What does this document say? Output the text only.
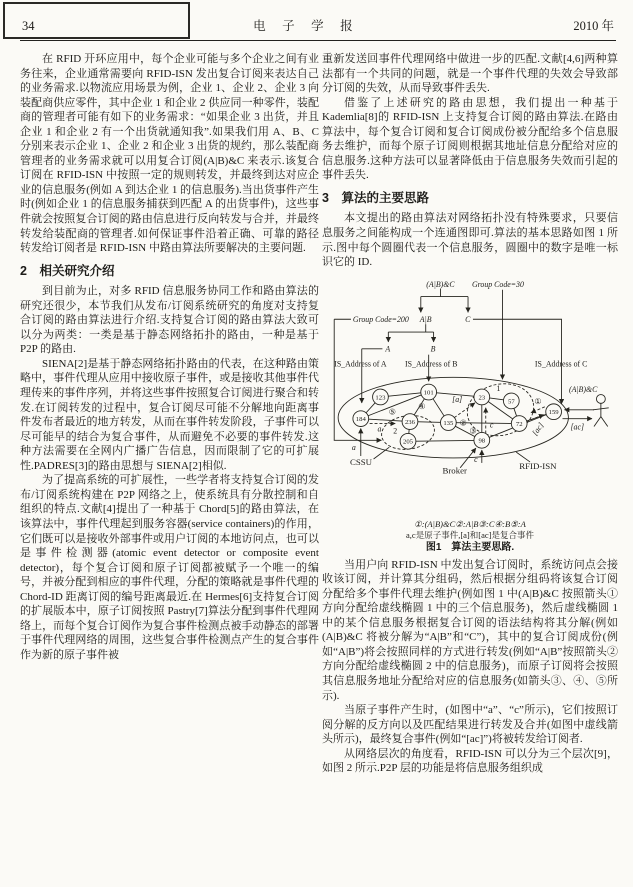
34	电　子　学　报	2010 年

在 RFID 开环应用中，每个企业可能与多个企业之间有业务往来，企业通常需要向 RFID-ISN 发出复合订阅来表达自己的业务需求.以物流应用场景为例，企业 1、企业 2、企业 3 向装配商供应零件，其中企业 1 和企业 2 供应同一种零件，装配商的管理者可能有如下的业务需求：“如果企业 3 出货，并且企业 1 和企业 2 有一个出货就通知我”.如果我们用 A、B、C 分别来表示企业 1、企业 2 和企业 3 出货的规约，那么装配商管理者的业务需求就可以用复合订阅(A|B)&C 来表示.该复合订阅在 RFID-ISN 中按照一定的规则转发，并最终到达对应企业的信息服务(例如 A 到达企业 1 的信息服务).当出货事件产生时(例如企业 1 的信息服务捕获到匹配 A 的出货事件)，这些事件就会按照复合订阅的路由信息进行反向转发与合并，并最终转发给装配商的管理者.如何保证事件沿着正确、可靠的路径转发给订阅者是 RFID-ISN 中路由算法所要解决的主要问题.

2　相关研究介绍

到目前为止，对多 RFID 信息服务协同工作和路由算法的研究还很少，本节我们从发布/订阅系统研究的角度对支持复合订阅的路由算法进行介绍.支持复合订阅的路由算法大致可以分为两类：一类是基于静态网络拓扑的路由，一种是基于 P2P 的路由.

SIENA[2]是基于静态网络拓扑路由的代表，在这种路由策略中，事件代理从应用中接收原子事件，或是接收其他事件代理传来的事件序列，并将这些事件按照复合订阅进行聚合和转发.在订阅转发的过程中，复合订阅尽可能不分解地向距离事件发布者最近的地方转发，从而在事件转发阶段，子事件可以尽可能早的结合为复合事件，从而避免不必要的事件转发.这种方法需要在全网内广播广告信息，因而限制了它的可扩展性.PADRES[3]的路由思想与 SIENA[2]相似.

为了提高系统的可扩展性，一些学者将支持复合订阅的发布/订阅系统构建在 P2P 网络之上，使系统具有分散控制和自组织的特点.文献[4]提出了一种基于 Chord[5]的路由算法，在该算法中，事件代理起到服务容器(service containers)的作用，它们既可以是接收外部事件或用户订阅的本地访问点，也可以是事件检测器(atomic event detector or composite event detector)，每个复合订阅和原子订阅都被赋予一个唯一的编号，并被分配到相应的事件代理，分配的策略就是事件代理的 Chord-ID 距离订阅的编号距离最近.在 Hermes[6]支持复合订阅的扩展版本中，原子订阅按照 Pastry[7]算法分配到事件代理网络上，而每个复合订阅作为复合事件检测点被手动静态的部署于事件代理网络的周围，这些复合事件检测点产生的复合事件作为新的原子事件被

重新发送回事件代理网络中做进一步的匹配.文献[4,6]两种算法都有一个共同的问题，就是一个事件代理的失效会导致部分订阅的失效，从而导致事件丢失.

借鉴了上述研究的路由思想，我们提出一种基于 Kademlia[8]的 RFID-ISN 上支持复合订阅的路由算法.在路由算法中，每个复合订阅和复合订阅成份被分配给多个信息服务去维护，而每个原子订阅则根据其地址信息分配给对应的信息服务.这种方法可以显著降低由于信息服务失效而引起的事件丢失.

3　算法的主要思路

本文提出的路由算法对网络拓扑没有特殊要求，只要信息服务之间能构成一个连通图即可.算法的基本思路如图 1 所示.图中每个圆圈代表一个信息服务，圆圈中的数字是唯一标识它的 ID.

(A|B)&C Group Code=30
Group Code=200 A|B	C
A	B
IS_Address of A IS_Address of B	IS_Address of C
1
2
a
a
[a]
c
c	[ac]
①
②
③
④
⑤
123
101
23
57
184	236	135	72
159
205	98
(A|B)&C
[ac]
CSSU
Broker	RFID-ISN
①:(A|B)&C②:A|B③:C④:B⑤:A
a,c是原子事件,[a]和[ac]是复合事件
图1　算法主要思路.

当用户向 RFID-ISN 中发出复合订阅时，系统访问点会接收该订阅，并计算其分组码，然后根据分组码将该复合订阅分配给多个事件代理去维护(例如图 1 中(A|B)&C 按照箭头①方向分配给虚线椭圆 1 中的三个信息服务)，然后虚线椭圆 1 中的某个信息服务根据复合订阅的语法结构将其分解(例如(A|B)&C 将被分解为“A|B”和“C”)，其中的复合订阅成份(例如“A|B”)将会按照同样的方式进行转发(例如“A|B”按照箭头②方向分配给虚线椭圆 2 中的信息服务)，而原子订阅将会按照其信息服务地址分配给对应的信息服务(如箭头③、④、⑤所示).

当原子事件产生时，(如图中“a”、“c”所示)，它们按照订阅分解的反方向以及匹配结果进行转发及合并(如图中虚线箭头所示)，最终复合事件(例如“[ac]”)将被转发给订阅者.

从网络层次的角度看，RFID-ISN 可以分为三个层次[9]，如图 2 所示.P2P 层的功能是将信息服务组织成
